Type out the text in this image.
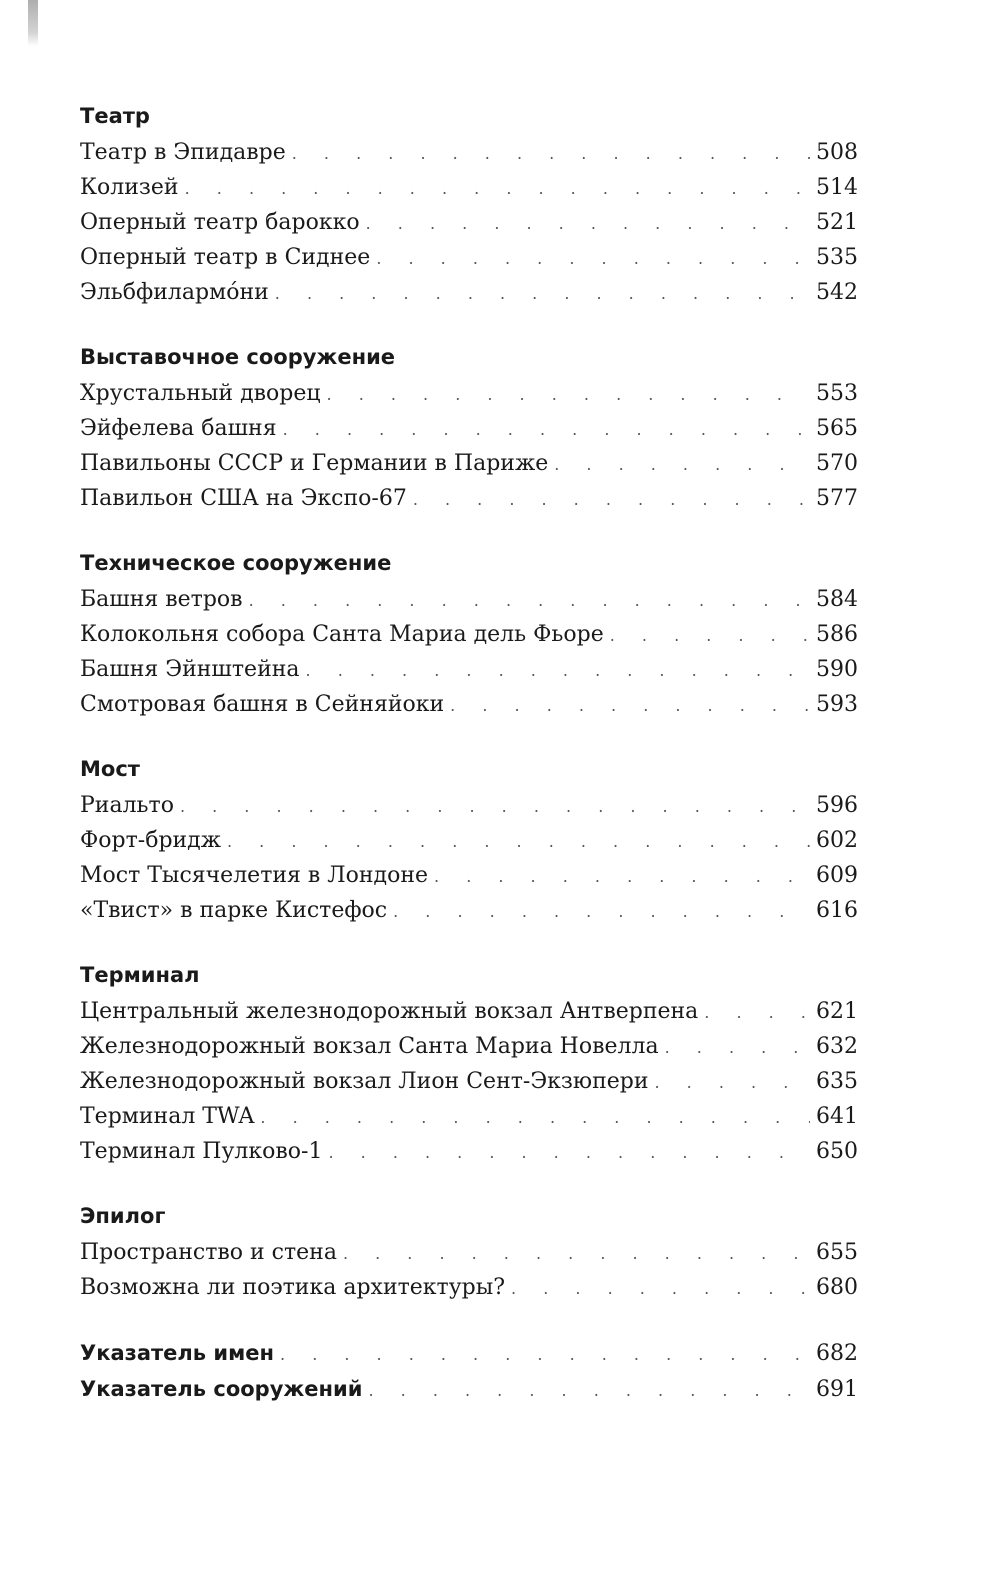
Театр
Театр в Эпидавре . . .	508
Колизей . . .	514
Оперный театр барокко . . .	521
Оперный театр в Сиднее . . .	535
Эльбфилармóни . . .	542
Выставочное сооружение
Хрустальный дворец . . .	553
Эйфелева башня . . .	565
Павильоны СССР и Германии в Париже . . .	570
Павильон США на Экспо-67 . . .	577
Техническое сооружение
Башня ветров . . .	584
Колокольня собора Санта Мариа дель Фьоре . . .	586
Башня Эйнштейна . . .	590
Смотровая башня в Сейняйоки . . .	593
Мост
Риальто . . .	596
Форт-бридж . . .	602
Мост Тысячелетия в Лондоне . . .	609
«Твист» в парке Кистефос . . .	616
Терминал
Центральный железнодорожный вокзал Антверпена . . .	621
Железнодорожный вокзал Санта Мариа Новелла . . .	632
Железнодорожный вокзал Лион Сент-Экзюпери . . .	635
Терминал TWA . . .	641
Терминал Пулково-1 . . .	650
Эпилог
Пространство и стена . . .	655
Возможна ли поэтика архитектуры? . . .	680
Указатель имен . . .	682
Указатель сооружений . . .	691
